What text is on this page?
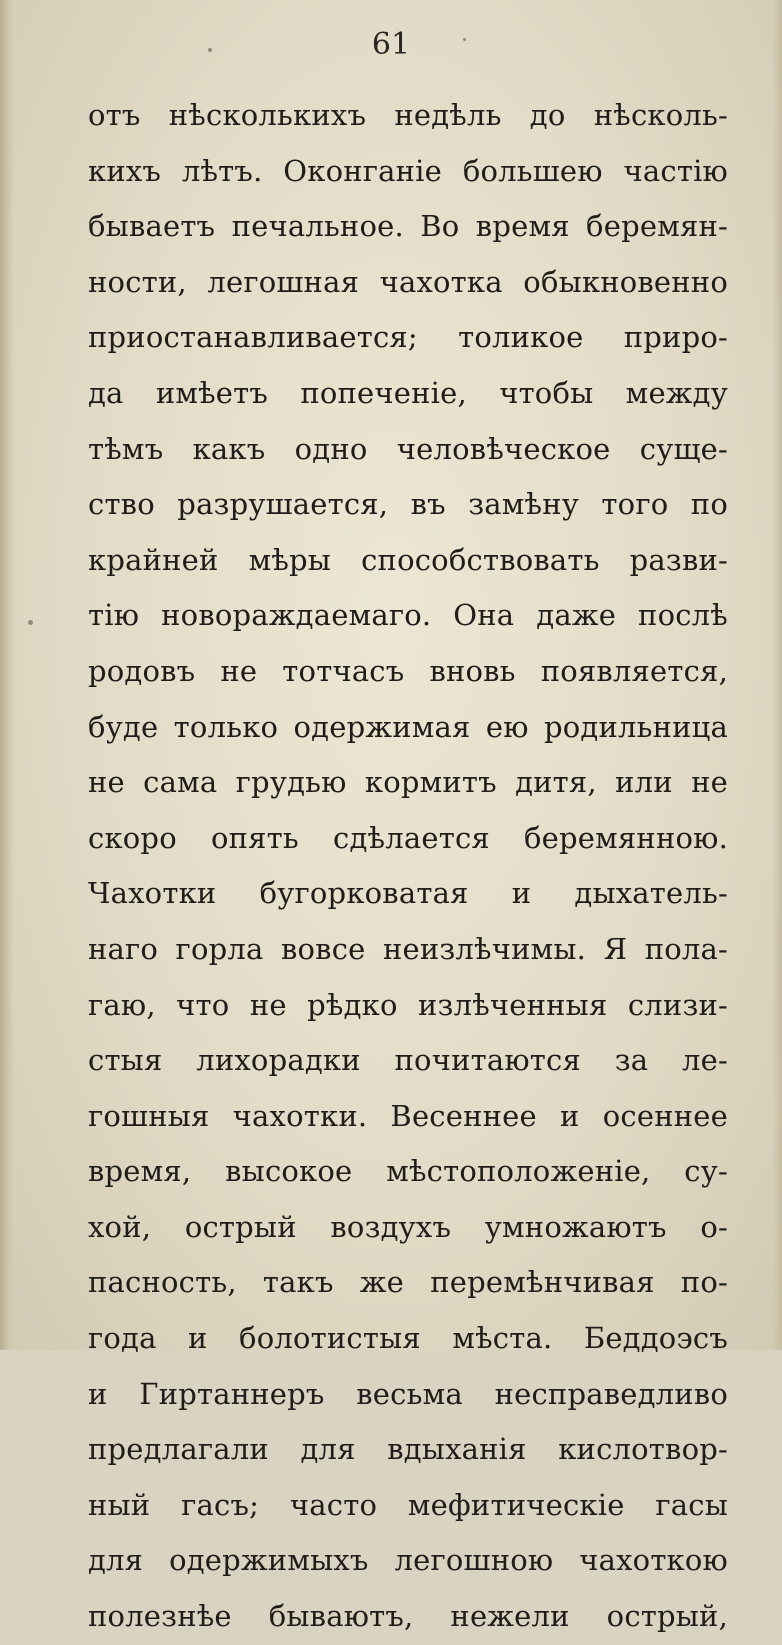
61
отъ нѣсколькихъ недѣль до нѣсколь-
кихъ лѣтъ. Оконганіе большею частію
бываетъ печальное. Во время беремян-
ности, легошная чахотка обыкновенно
приостанавливается; толикое приро-
да имѣетъ попеченіе, чтобы между
тѣмъ какъ одно человѣческое суще-
ство разрушается, въ замѣну того по
крайней мѣры способствовать разви-
тію новораждаемаго. Она даже послѣ
родовъ не тотчасъ вновь появляется,
буде только одержимая ею родильница
не сама грудью кормитъ дитя, или не
скоро опять сдѣлается беремянною.
Чахотки бугорковатая и дыхатель-
наго горла вовсе неизлѣчимы. Я пола-
гаю, что не рѣдко излѣченныя слизи-
стыя лихорадки почитаются за ле-
гошныя чахотки. Весеннее и осеннее
время, высокое мѣстоположеніе, су-
хой, острый воздухъ умножаютъ о-
пасность, такъ же перемѣнчивая по-
года и болотистыя мѣста. Беддоэсъ
и Гиртаннеръ весьма несправедливо
предлагали для вдыханія кислотвор-
ный гасъ; часто мефитическіе гасы
для одержимыхъ легошною чахоткою
полезнѣе бываютъ, нежели острый,
